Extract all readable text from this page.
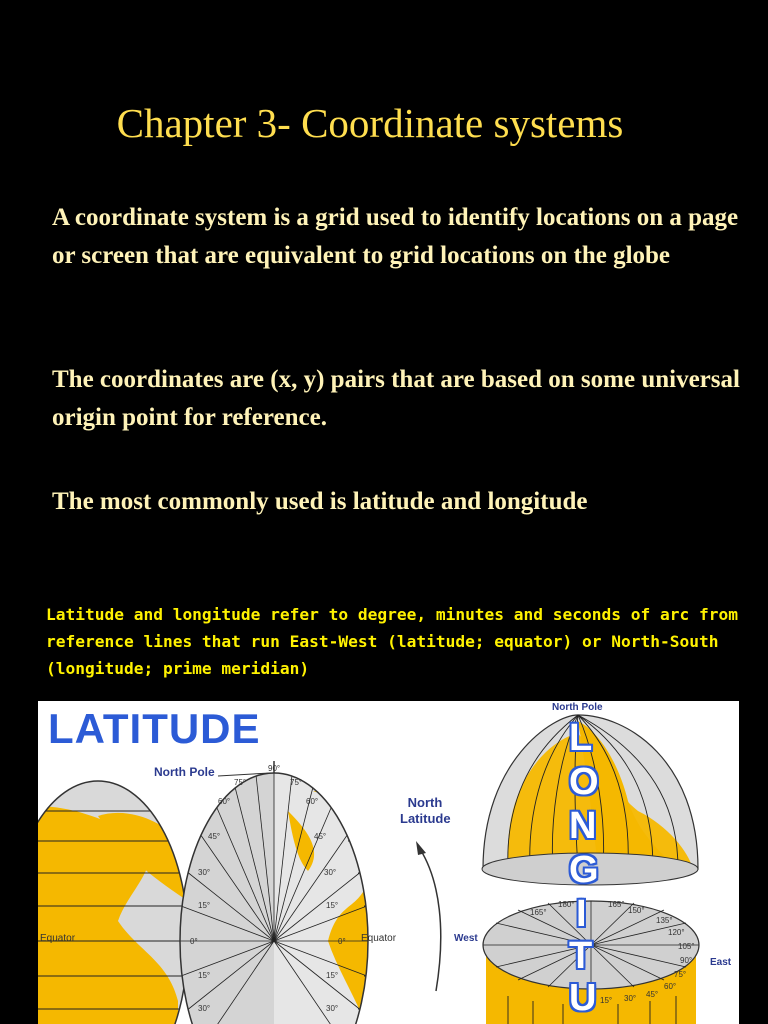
Chapter 3- Coordinate systems

A coordinate system is a grid used to identify locations on a page or screen that are equivalent to grid locations on the globe

The coordinates are (x, y) pairs that are based on some universal origin point for reference.

The most commonly used is latitude and longitude

Latitude and longitude refer to degree, minutes and seconds of arc from reference lines that run East-West (latitude; equator) or North-South (longitude; prime meridian)

90°
75°	75°
60°	60°
45°	45°
30°	30°
15°	15°
0°	0°
15°	15°
30°	30°
165°
180°	165°
150°
135°
120°
105°
90°
75°
60°
45°
30°
15°
LATITUDE
North Pole
North Latitude
North Pole
Equator	Equator	West
East
L
O
N
G
I
T
U
